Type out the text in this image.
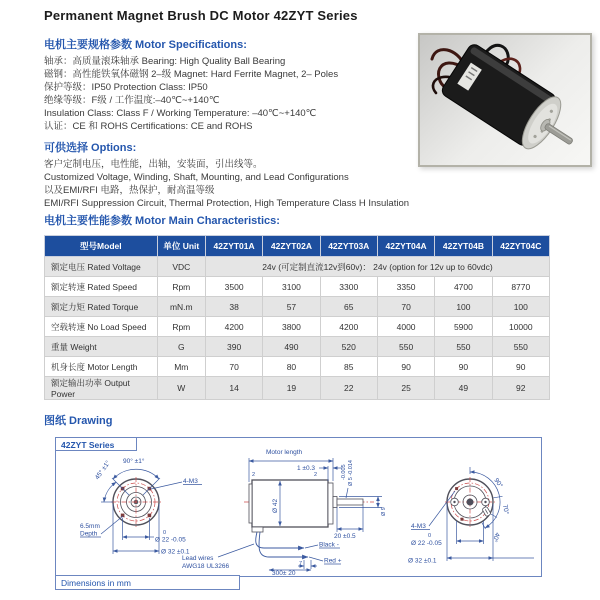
Permanent Magnet Brush DC Motor 42ZYT Series
电机主要规格参数 Motor Specifications:
轴承：高质量滚珠轴承 Bearing: High Quality Ball Bearing
磁钢：高性能铁氧体磁钢 2–级 Magnet: Hard Ferrite Magnet, 2– Poles
保护等级：IP50 Protection Class: IP50
绝缘等级：F级 / 工作温度:–40℃~+140℃
Insulation Class: Class F / Working Temperature: –40℃~+140℃
认证：CE 和 ROHS Certifications: CE and ROHS
可供选择 Options:
客户定制电压，电性能，出轴，安装面，引出线等。
Customized Voltage, Winding, Shaft, Mounting, and Lead Configurations
以及EMI/RFI 电路，热保护，耐高温等级
EMI/RFI Suppression Circuit, Thermal Protection, High Temperature Class H Insulation
电机主要性能参数 Motor Main Characteristics:
型号Model	单位 Unit	42ZYT01A	42ZYT02A	42ZYT03A	42ZYT04A	42ZYT04B	42ZYT04C
额定电压 Rated Voltage	VDC	24v (可定制直流12v到60v)： 24v (option for 12v up to 60vdc)					
额定转速 Rated Speed	Rpm	3500	3100	3300	3350	4700	8770
额定力矩 Rated Torque	mN.m	38	57	65	70	100	100
空载转速 No Load Speed	Rpm	4200	3800	4200	4000	5900	10000
重量 Weight	G	390	490	520	550	550	550
机身长度 Motor Length	Mm	70	80	85	90	90	90
额定输出功率 Output Power	W	14	19	22	25	49	92
图纸 Drawing
90° ±1°
45° ±1°
4-M3
6.5mm
Depth	0
Ø 22 -0.05
Ø 32 ±0.1
Lead wires
AWG18 UL3266
Motor length
1 ±0.3
2	2
Ø 42
-0.005 Ø 5 -0.014
Ø 9
20 ±0.5
Black -
Red +
7
300± 20
90°
70°
40°
4-M3
0
Ø 22 -0.05
Ø 32 ±0.1
42ZYT Series
Dimensions in mm
